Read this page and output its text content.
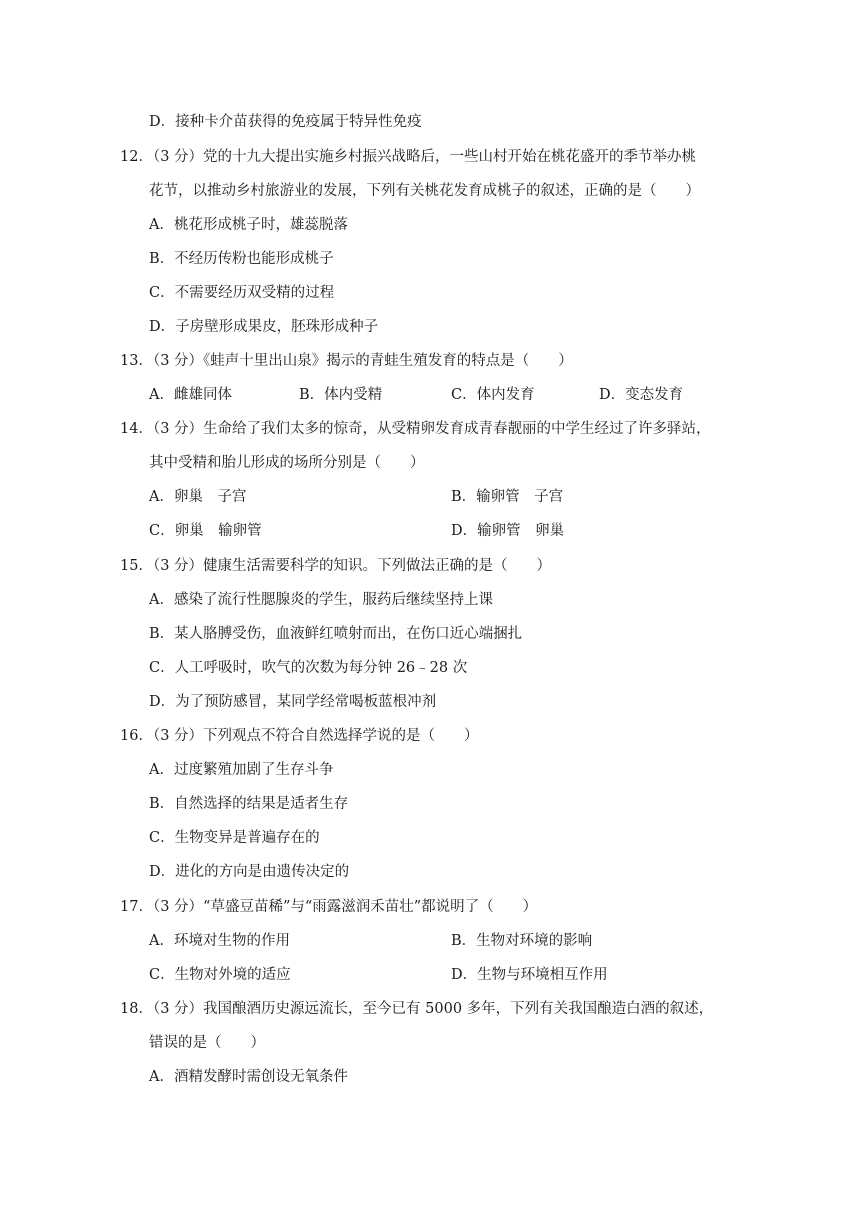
D．接种卡介苗获得的免疫属于特异性免疫
12．（3 分）党的十九大提出实施乡村振兴战略后，一些山村开始在桃花盛开的季节举办桃
花节，以推动乡村旅游业的发展，下列有关桃花发育成桃子的叙述，正确的是（　　）
A．桃花形成桃子时，雄蕊脱落
B．不经历传粉也能形成桃子
C．不需要经历双受精的过程
D．子房壁形成果皮，胚珠形成种子
13．（3 分）《蛙声十里出山泉》揭示的青蛙生殖发育的特点是（　　）
A．雌雄同体	B．体内受精	C．体内发育	D．变态发育
14．（3 分）生命给了我们太多的惊奇，从受精卵发育成青春靓丽的中学生经过了许多驿站，
其中受精和胎儿形成的场所分别是（　　）
A．卵巢　子宫	B．输卵管　子宫
C．卵巢　输卵管	D．输卵管　卵巢
15．（3 分）健康生活需要科学的知识。下列做法正确的是（　　）
A．感染了流行性腮腺炎的学生，服药后继续坚持上课
B．某人胳膊受伤，血液鲜红喷射而出，在伤口近心端捆扎
C．人工呼吸时，吹气的次数为每分钟 26﹣28 次
D．为了预防感冒，某同学经常喝板蓝根冲剂
16．（3 分）下列观点不符合自然选择学说的是（　　）
A．过度繁殖加剧了生存斗争
B．自然选择的结果是适者生存
C．生物变异是普遍存在的
D．进化的方向是由遗传决定的
17．（3 分）“草盛豆苗稀”与“雨露滋润禾苗壮”都说明了（　　）
A．环境对生物的作用	B．生物对环境的影响
C．生物对外境的适应	D．生物与环境相互作用
18．（3 分）我国酿酒历史源远流长，至今已有 5000 多年，下列有关我国酿造白酒的叙述，
错误的是（　　）
A．酒精发酵时需创设无氧条件
